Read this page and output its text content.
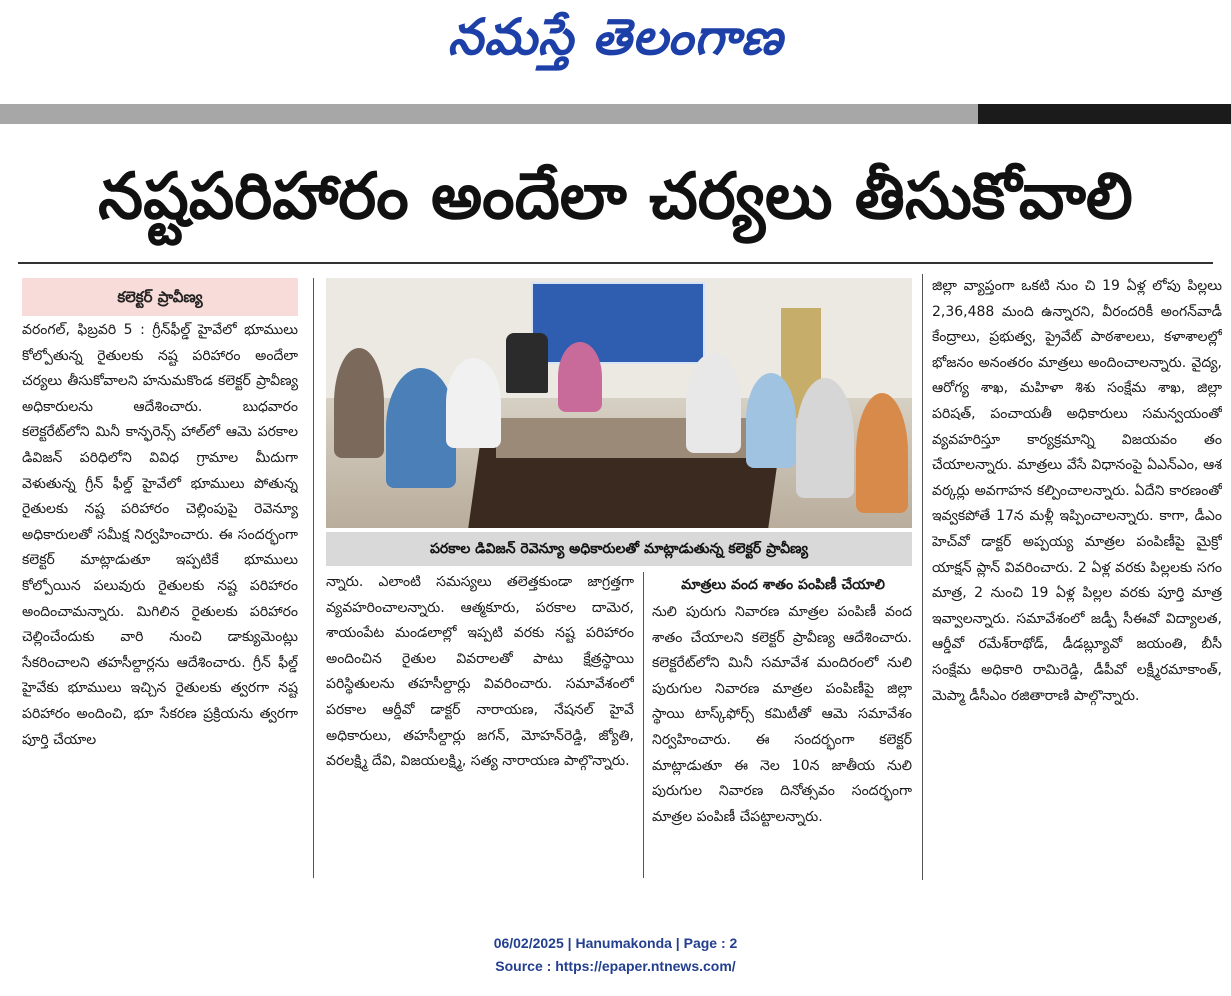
నమస్తే తెలంగాణ
నష్టపరిహారం అందేలా చర్యలు తీసుకోవాలి
కలెక్టర్ ప్రావీణ్య

వరంగల్, ఫిబ్రవరి 5 : గ్రీన్‌ఫీల్డ్ హైవేలో భూములు కోల్పోతున్న రైతులకు నష్ట పరిహారం అందేలా చర్యలు తీసుకోవాలని హనుమకొండ కలెక్టర్ ప్రావీణ్య అధికారులను ఆదేశించారు. బుధవారం కలెక్టరేట్‌లోని మినీ కాన్ఫరెన్స్ హాల్‌లో ఆమె పరకాల డివిజన్ పరిధిలోని వివిధ గ్రామాల మీదుగా వెళుతున్న గ్రీన్ ఫీల్డ్ హైవేలో భూములు పోతున్న రైతులకు నష్ట పరిహారం చెల్లింపుపై రెవెన్యూ అధికారులతో సమీక్ష నిర్వహించారు. ఈ సందర్భంగా కలెక్టర్ మాట్లాడుతూ ఇప్పటికే భూములు కోల్పోయిన పలువురు రైతులకు నష్ట పరిహారం అందించామన్నారు. మిగిలిన రైతులకు పరిహారం చెల్లించేందుకు వారి నుంచి డాక్యుమెంట్లు సేకరించాలని తహసీల్దార్లను ఆదేశించారు. గ్రీన్ ఫీల్డ్ హైవేకు భూములు ఇచ్చిన రైతులకు త్వరగా నష్ట పరిహారం అందించి, భూ సేకరణ ప్రక్రియను త్వరగా పూర్తి చేయాల

పరకాల డివిజన్ రెవెన్యూ అధికారులతో మాట్లాడుతున్న కలెక్టర్ ప్రావీణ్య

న్నారు. ఎలాంటి సమస్యలు తలెత్తకుండా జాగ్రత్తగా వ్యవహరించాలన్నారు. ఆత్మకూరు, పరకాల దామెర, శాయంపేట మండలాల్లో ఇప్పటి వరకు నష్ట పరిహారం అందించిన రైతుల వివరాలతో పాటు క్షేత్రస్థాయి పరిస్థితులను తహసీల్దార్లు వివరించారు. సమావేశంలో పరకాల ఆర్డీవో డాక్టర్ నారాయణ, నేషనల్ హైవే అధికారులు, తహసీల్దార్లు జగన్, మోహన్‌రెడ్డి, జ్యోతి, వరలక్ష్మి దేవి, విజయలక్ష్మి, సత్య నారాయణ పాల్గొన్నారు.

మాత్రలు వంద శాతం పంపిణీ చేయాలి

నులి పురుగు నివారణ మాత్రల పంపిణీ వంద శాతం చేయాలని కలెక్టర్ ప్రావీణ్య ఆదేశించారు. కలెక్టరేట్‌లోని మినీ సమావేశ మందిరంలో నులి పురుగుల నివారణ మాత్రల పంపిణీపై జిల్లా స్థాయి టాస్క్‌ఫోర్స్ కమిటీతో ఆమె సమావేశం నిర్వహించారు. ఈ సందర్భంగా కలెక్టర్ మాట్లాడుతూ ఈ నెల 10న జాతీయ నులి పురుగుల నివారణ దినోత్సవం సందర్భంగా మాత్రల పంపిణీ చేపట్టాలన్నారు.

జిల్లా వ్యాప్తంగా ఒకటి నుం చి 19 ఏళ్ల లోపు పిల్లలు 2,36,488 మంది ఉన్నారని, వీరందరికీ అంగన్‌వాడీ కేంద్రాలు, ప్రభుత్వ, ప్రైవేట్ పాఠశాలలు, కళాశాలల్లో భోజనం అనంతరం మాత్రలు అందించాలన్నారు. వైద్య, ఆరోగ్య శాఖ, మహిళా శిశు సంక్షేమ శాఖ, జిల్లా పరిషత్, పంచాయతీ అధికారులు సమన్వయంతో వ్యవహరిస్తూ కార్యక్రమాన్ని విజయవం తం చేయాలన్నారు. మాత్రలు వేసే విధానంపై ఏఎన్‌ఎం, ఆశ వర్కర్లు అవగాహన కల్పించాలన్నారు. ఏదేని కారణంతో ఇవ్వకపోతే 17న మళ్లీ ఇప్పించాలన్నారు. కాగా, డీఎం హెచ్‌వో డాక్టర్ అప్పయ్య మాత్రల పంపిణీపై మైక్రో యాక్షన్ ప్లాన్ వివరించారు. 2 ఏళ్ల వరకు పిల్లలకు సగం మాత్ర, 2 నుంచి 19 ఏళ్ల పిల్లల వరకు పూర్తి మాత్ర ఇవ్వాలన్నారు. సమావేశంలో జడ్పీ సీఈవో విద్యాలత, ఆర్డీవో రమేశ్‌రాథోడ్, డీడబ్ల్యూవో జయంతి, బీసీ సంక్షేమ అధికారి రామిరెడ్డి, డీపీవో లక్ష్మీరమాకాంత్, మెప్మా డీసీఎం రజితారాణి పాల్గొన్నారు.

06/02/2025 | Hanumakonda | Page : 2
Source : https://epaper.ntnews.com/
